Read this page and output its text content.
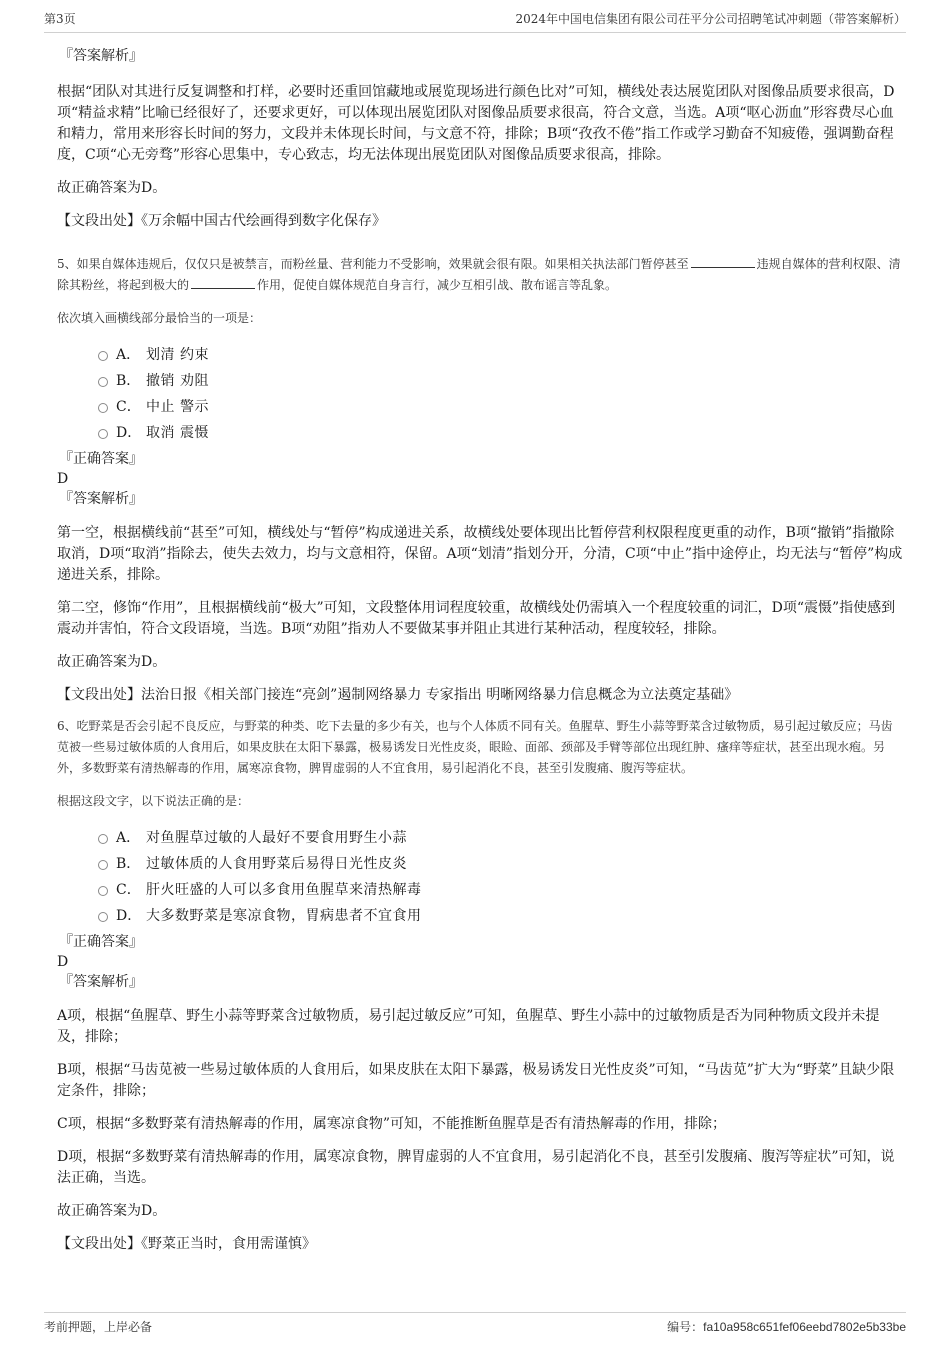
第3页	2024年中国电信集团有限公司茌平分公司招聘笔试冲刺题（带答案解析）

『答案解析』

根据“团队对其进行反复调整和打样，必要时还重回馆藏地或展览现场进行颜色比对”可知，横线处表达展览团队对图像品质要求很高，D项“精益求精”比喻已经很好了，还要求更好，可以体现出展览团队对图像品质要求很高，符合文意，当选。A项“呕心沥血”形容费尽心血和精力，常用来形容长时间的努力，文段并未体现长时间，与文意不符，排除；B项“孜孜不倦”指工作或学习勤奋不知疲倦，强调勤奋程度，C项“心无旁骛”形容心思集中，专心致志，均无法体现出展览团队对图像品质要求很高，排除。

故正确答案为D。

【文段出处】《万余幅中国古代绘画得到数字化保存》

5、如果自媒体违规后，仅仅只是被禁言，而粉丝量、营利能力不受影响，效果就会很有限。如果相关执法部门暂停甚至	违规自媒体的营利权限、清除其粉丝，将起到极大的	作用，促使自媒体规范自身言行，减少互相引战、散布谣言等乱象。

依次填入画横线部分最恰当的一项是：

A． 划清 约束
B． 撤销 劝阻
C． 中止 警示
D． 取消 震慑

『正确答案』

D

『答案解析』

第一空，根据横线前“甚至”可知，横线处与“暂停”构成递进关系，故横线处要体现出比暂停营利权限程度更重的动作，B项“撤销”指撤除取消，D项“取消”指除去，使失去效力，均与文意相符，保留。A项“划清”指划分开，分清，C项“中止”指中途停止，均无法与“暂停”构成递进关系，排除。

第二空，修饰“作用”，且根据横线前“极大”可知，文段整体用词程度较重，故横线处仍需填入一个程度较重的词汇，D项“震慑”指使感到震动并害怕，符合文段语境，当选。B项“劝阻”指劝人不要做某事并阻止其进行某种活动，程度较轻，排除。

故正确答案为D。

【文段出处】法治日报《相关部门接连“亮剑”遏制网络暴力 专家指出 明晰网络暴力信息概念为立法奠定基础》

6、吃野菜是否会引起不良反应，与野菜的种类、吃下去量的多少有关，也与个人体质不同有关。鱼腥草、野生小蒜等野菜含过敏物质，易引起过敏反应；马齿苋被一些易过敏体质的人食用后，如果皮肤在太阳下暴露，极易诱发日光性皮炎，眼睑、面部、颈部及手臂等部位出现红肿、瘙痒等症状，甚至出现水疱。另外，多数野菜有清热解毒的作用，属寒凉食物，脾胃虚弱的人不宜食用，易引起消化不良，甚至引发腹痛、腹泻等症状。

根据这段文字，以下说法正确的是：

A． 对鱼腥草过敏的人最好不要食用野生小蒜
B． 过敏体质的人食用野菜后易得日光性皮炎
C． 肝火旺盛的人可以多食用鱼腥草来清热解毒
D． 大多数野菜是寒凉食物，胃病患者不宜食用

『正确答案』

D

『答案解析』

A项，根据“鱼腥草、野生小蒜等野菜含过敏物质，易引起过敏反应”可知，鱼腥草、野生小蒜中的过敏物质是否为同种物质文段并未提及，排除；

B项，根据“马齿苋被一些易过敏体质的人食用后，如果皮肤在太阳下暴露，极易诱发日光性皮炎”可知，“马齿苋”扩大为“野菜”且缺少限定条件，排除；

C项，根据“多数野菜有清热解毒的作用，属寒凉食物”可知，不能推断鱼腥草是否有清热解毒的作用，排除；

D项，根据“多数野菜有清热解毒的作用，属寒凉食物，脾胃虚弱的人不宜食用，易引起消化不良，甚至引发腹痛、腹泻等症状”可知，说法正确，当选。

故正确答案为D。

【文段出处】《野菜正当时，食用需谨慎》

考前押题，上岸必备	编号：fa10a958c651fef06eebd7802e5b33be
